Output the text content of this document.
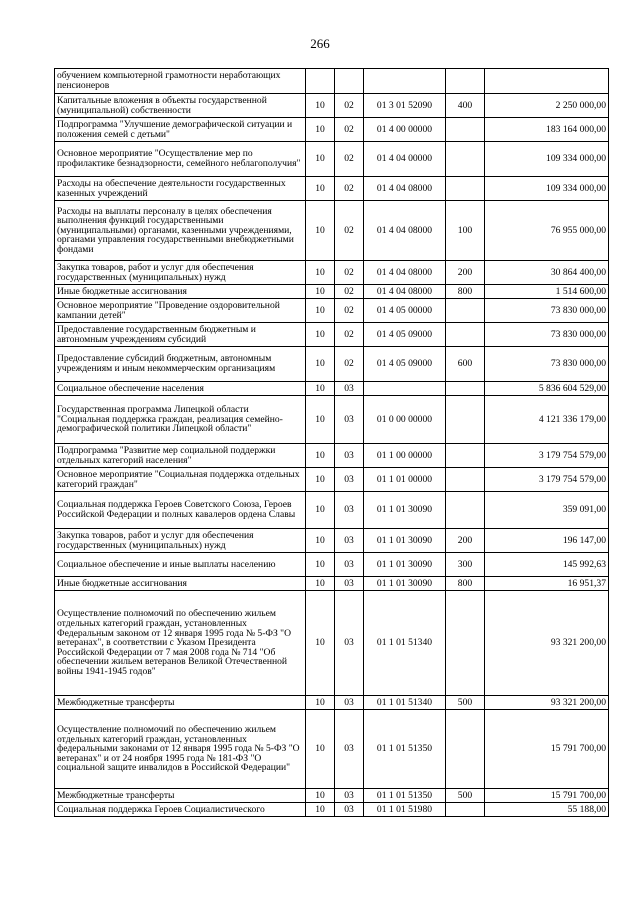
266
обучением компьютерной грамотности неработающих пенсионеров					
Капитальные вложения в объекты государственной (муниципальной) собственности	10	02	01 3 01 52090	400	2 250 000,00
Подпрограмма "Улучшение демографической ситуации и положения семей с детьми"	10	02	01 4 00 00000		183 164 000,00
Основное мероприятие "Осуществление мер по профилактике безнадзорности, семейного неблагополучия"	10	02	01 4 04 00000		109 334 000,00
Расходы на обеспечение деятельности государственных казенных учреждений	10	02	01 4 04 08000		109 334 000,00
Расходы на выплаты персоналу в целях обеспечения выполнения функций государственными (муниципальными) органами, казенными учреждениями, органами управления государственными внебюджетными фондами	10	02	01 4 04 08000	100	76 955 000,00
Закупка товаров, работ и услуг для обеспечения государственных (муниципальных) нужд	10	02	01 4 04 08000	200	30 864 400,00
Иные бюджетные ассигнования	10	02	01 4 04 08000	800	1 514 600,00
Основное мероприятие "Проведение оздоровительной кампании детей"	10	02	01 4 05 00000		73 830 000,00
Предоставление государственным бюджетным и автономным учреждениям субсидий	10	02	01 4 05 09000		73 830 000,00
Предоставление субсидий бюджетным, автономным учреждениям и иным некоммерческим организациям	10	02	01 4 05 09000	600	73 830 000,00
Социальное обеспечение населения	10	03			5 836 604 529,00
Государственная программа Липецкой области "Социальная поддержка граждан, реализация семейно-демографической политики Липецкой области"	10	03	01 0 00 00000		4 121 336 179,00
Подпрограмма "Развитие мер социальной поддержки отдельных категорий населения"	10	03	01 1 00 00000		3 179 754 579,00
Основное мероприятие "Социальная поддержка отдельных категорий граждан"	10	03	01 1 01 00000		3 179 754 579,00
Социальная поддержка Героев Советского Союза, Героев Российской Федерации и полных кавалеров ордена Славы	10	03	01 1 01 30090		359 091,00
Закупка товаров, работ и услуг для обеспечения государственных (муниципальных) нужд	10	03	01 1 01 30090	200	196 147,00
Социальное обеспечение и иные выплаты населению	10	03	01 1 01 30090	300	145 992,63
Иные бюджетные ассигнования	10	03	01 1 01 30090	800	16 951,37
Осуществление полномочий по обеспечению жильем отдельных категорий граждан, установленных Федеральным законом от 12 января 1995 года № 5-ФЗ "О ветеранах", в соответствии с Указом Президента Российской Федерации от 7 мая 2008 года № 714 "Об обеспечении жильем ветеранов Великой Отечественной войны 1941-1945 годов"	10	03	01 1 01 51340		93 321 200,00
Межбюджетные трансферты	10	03	01 1 01 51340	500	93 321 200,00
Осуществление полномочий по обеспечению жильем отдельных категорий граждан, установленных федеральными законами от 12 января 1995 года № 5-ФЗ "О ветеранах" и от 24 ноября 1995 года № 181-ФЗ "О социальной защите инвалидов в Российской Федерации"	10	03	01 1 01 51350		15 791 700,00
Межбюджетные трансферты	10	03	01 1 01 51350	500	15 791 700,00
Социальная поддержка Героев Социалистического	10	03	01 1 01 51980		55 188,00
